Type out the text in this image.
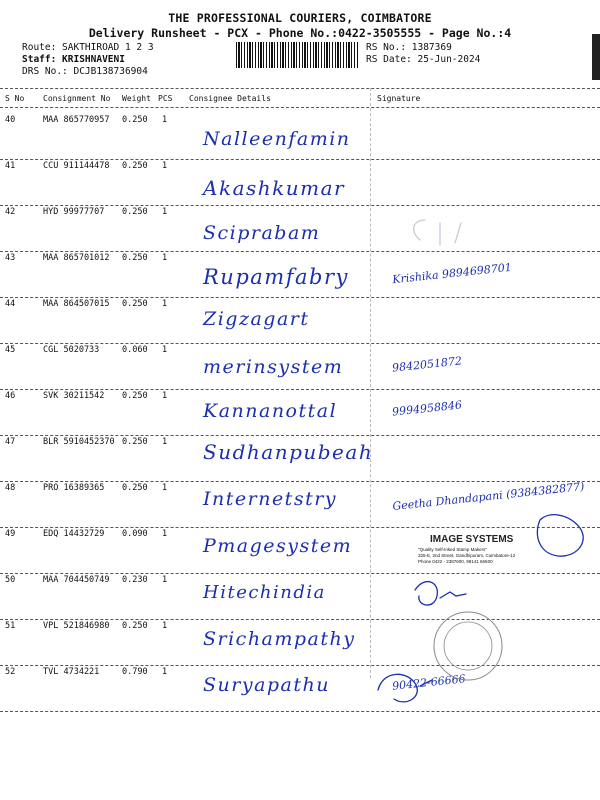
THE PROFESSIONAL COURIERS, COIMBATORE
Delivery Runsheet - PCX - Phone No.:0422-3505555 - Page No.:4
Route: SAKTHIROAD 1 2 3
Staff: KRISHNAVENI
DRS No.: DCJB138736904
RS No.: 1387369
RS Date: 25-Jun-2024
S No Consignment No Weight PCS Consignee Details	Signature
40	MAA 865770957 0.250 1
Nalleenfamin
41	CCU 911144478 0.250 1
Akashkumar
42	HYD 99977707 0.250 1
Sciprabam
43	MAA 865701012 0.250 1
Rupamfabry	Krishika 9894698701
44	MAA 864507015 0.250 1
Zigzagart
45	CGL 5020733	0.060 1
merinsystem	9842051872
46	SVK 30211542 0.250 1
Kannanottal	9994958846
47	BLR 5910452370 0.250 1 Sudhanpubeah
48	PRO 16389365 0.250 1 Internetstry	Geetha Dhandapani (9384382877)
49	EDQ 14432729 0.090 1
Pmagesystem
50	MAA 704450749 0.230 1
Hitechindia
51	VPL 521846980 0.250 1
Srichampathy
52	TVL 4734221	0.790 1
Suryapathu	90422-66666
IMAGE SYSTEMS
"Quality Self-Inked Stamp Makers"
325-E, 2nd Street, Gandhipuram, Coimbatore-12
Phone 0422 - 2387600, 98141 66500
